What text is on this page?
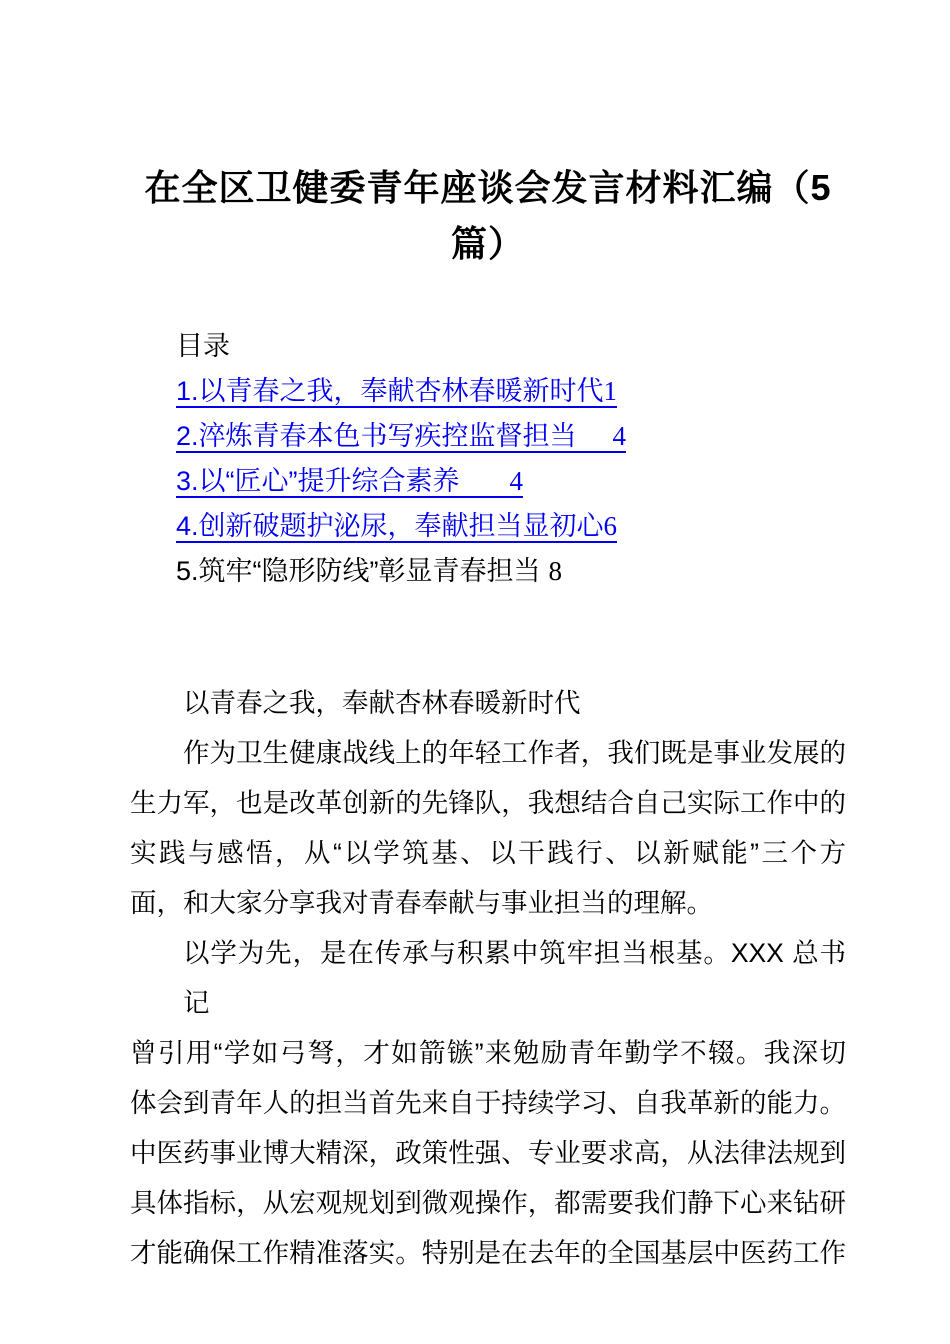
在全区卫健委青年座谈会发言材料汇编（5
篇）
目录
1.以青春之我，奉献杏林春暖新时代1
2.淬炼青春本色书写疾控监督担当 4
3.以“匠心”提升综合素养 4
4.创新破题护泌尿，奉献担当显初心6
5.筑牢“隐形防线”彰显青春担当 8
以青春之我，奉献杏林春暖新时代
作为卫生健康战线上的年轻工作者，我们既是事业发展的
生力军，也是改革创新的先锋队，我想结合自己实际工作中的
实践与感悟，从“以学筑基、以干践行、以新赋能”三个方
面，和大家分享我对青春奉献与事业担当的理解。
以学为先，是在传承与积累中筑牢担当根基。XXX 总书记
曾引用“学如弓弩，才如箭镞”来勉励青年勤学不辍。我深切
体会到青年人的担当首先来自于持续学习、自我革新的能力。
中医药事业博大精深，政策性强、专业要求高，从法律法规到
具体指标，从宏观规划到微观操作，都需要我们静下心来钻研
才能确保工作精准落实。特别是在去年的全国基层中医药工作
